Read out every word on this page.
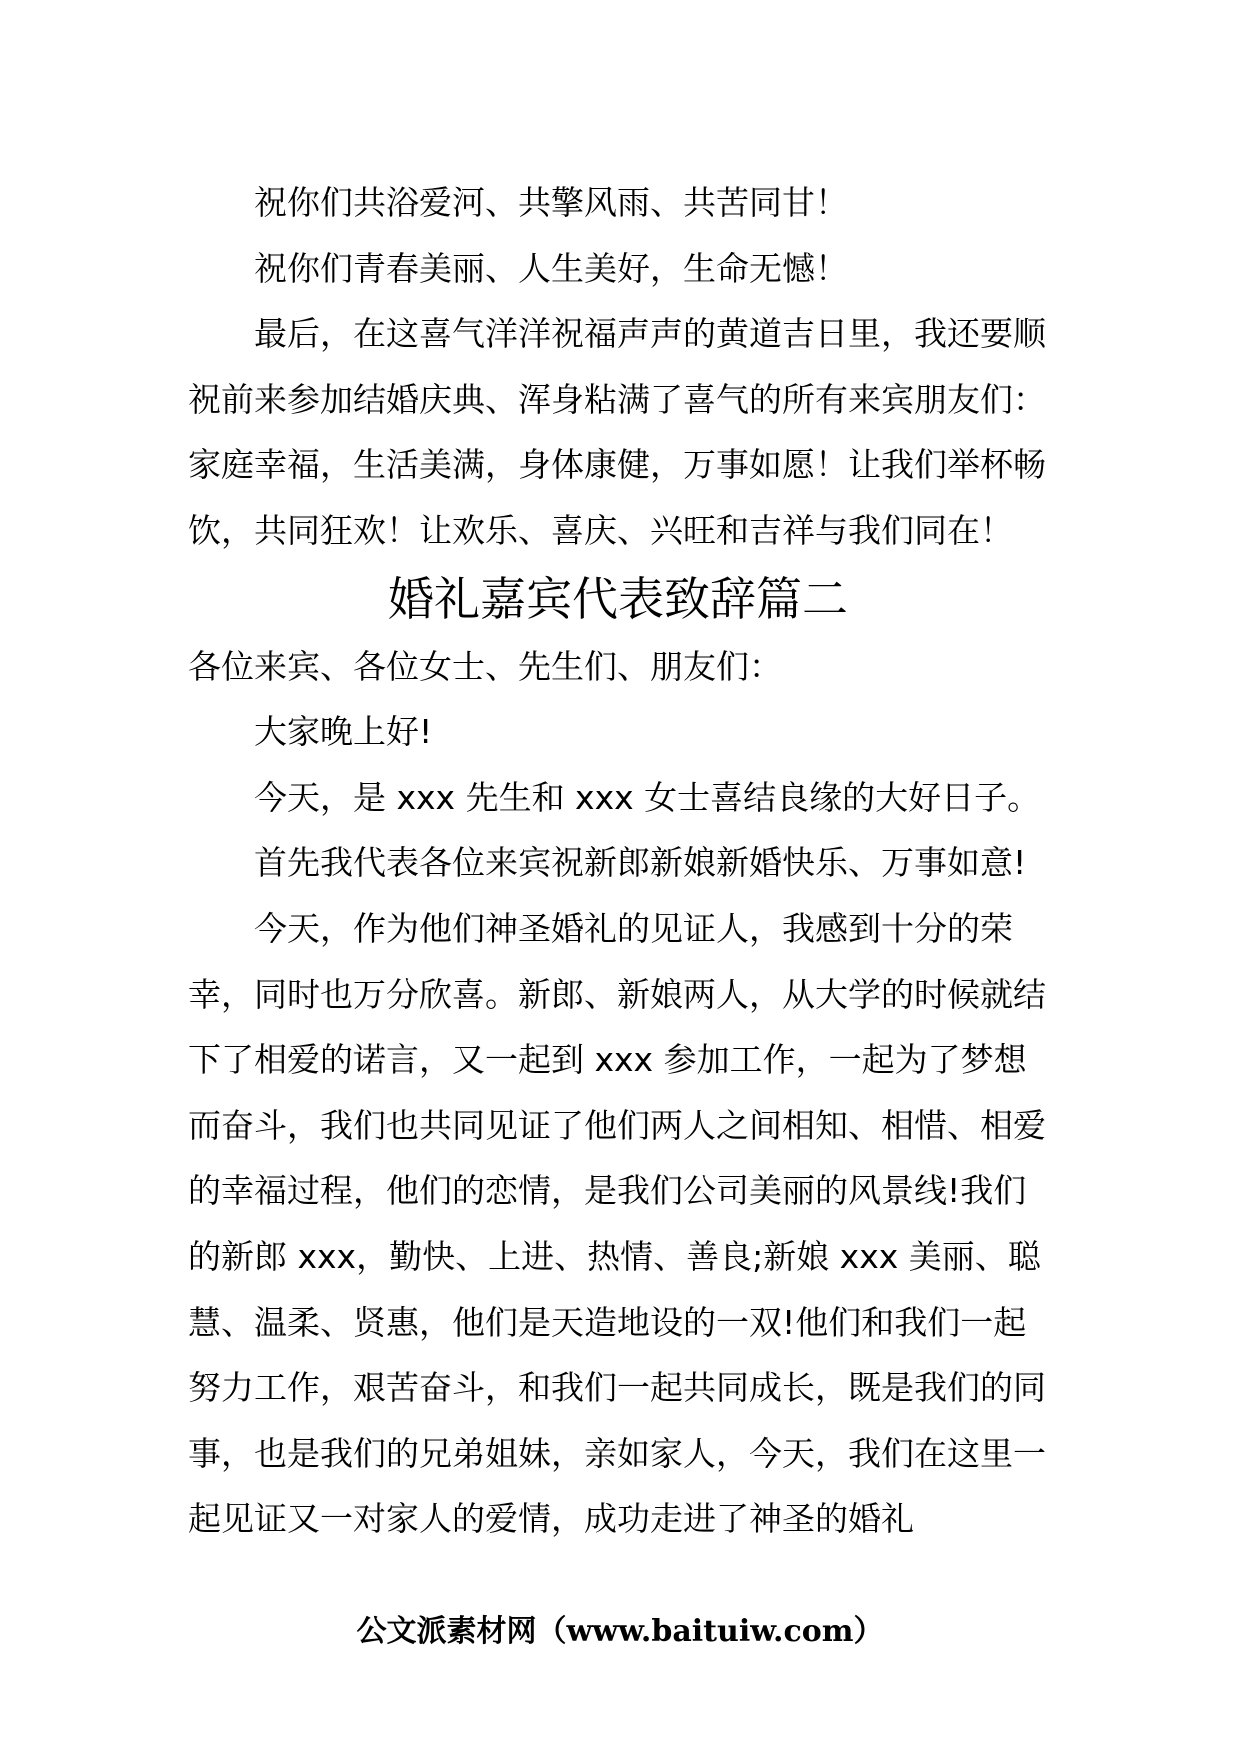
祝你们共浴爱河、共擎风雨、共苦同甘！

祝你们青春美丽、人生美好，生命无憾！

最后，在这喜气洋洋祝福声声的黄道吉日里，我还要顺祝前来参加结婚庆典、浑身粘满了喜气的所有来宾朋友们：家庭幸福，生活美满，身体康健，万事如愿！让我们举杯畅饮，共同狂欢！让欢乐、喜庆、兴旺和吉祥与我们同在！

婚礼嘉宾代表致辞篇二

各位来宾、各位女士、先生们、朋友们：

大家晚上好!

今天，是 xxx 先生和 xxx 女士喜结良缘的大好日子。

首先我代表各位来宾祝新郎新娘新婚快乐、万事如意!

今天，作为他们神圣婚礼的见证人，我感到十分的荣幸，同时也万分欣喜。新郎、新娘两人，从大学的时候就结下了相爱的诺言，又一起到 xxx 参加工作，一起为了梦想而奋斗，我们也共同见证了他们两人之间相知、相惜、相爱的幸福过程，他们的恋情，是我们公司美丽的风景线!我们的新郎 xxx，勤快、上进、热情、善良;新娘 xxx 美丽、聪慧、温柔、贤惠，他们是天造地设的一双!他们和我们一起努力工作，艰苦奋斗，和我们一起共同成长，既是我们的同事，也是我们的兄弟姐妹，亲如家人，今天，我们在这里一起见证又一对家人的爱情，成功走进了神圣的婚礼

公文派素材网（www.baituiw.com）
